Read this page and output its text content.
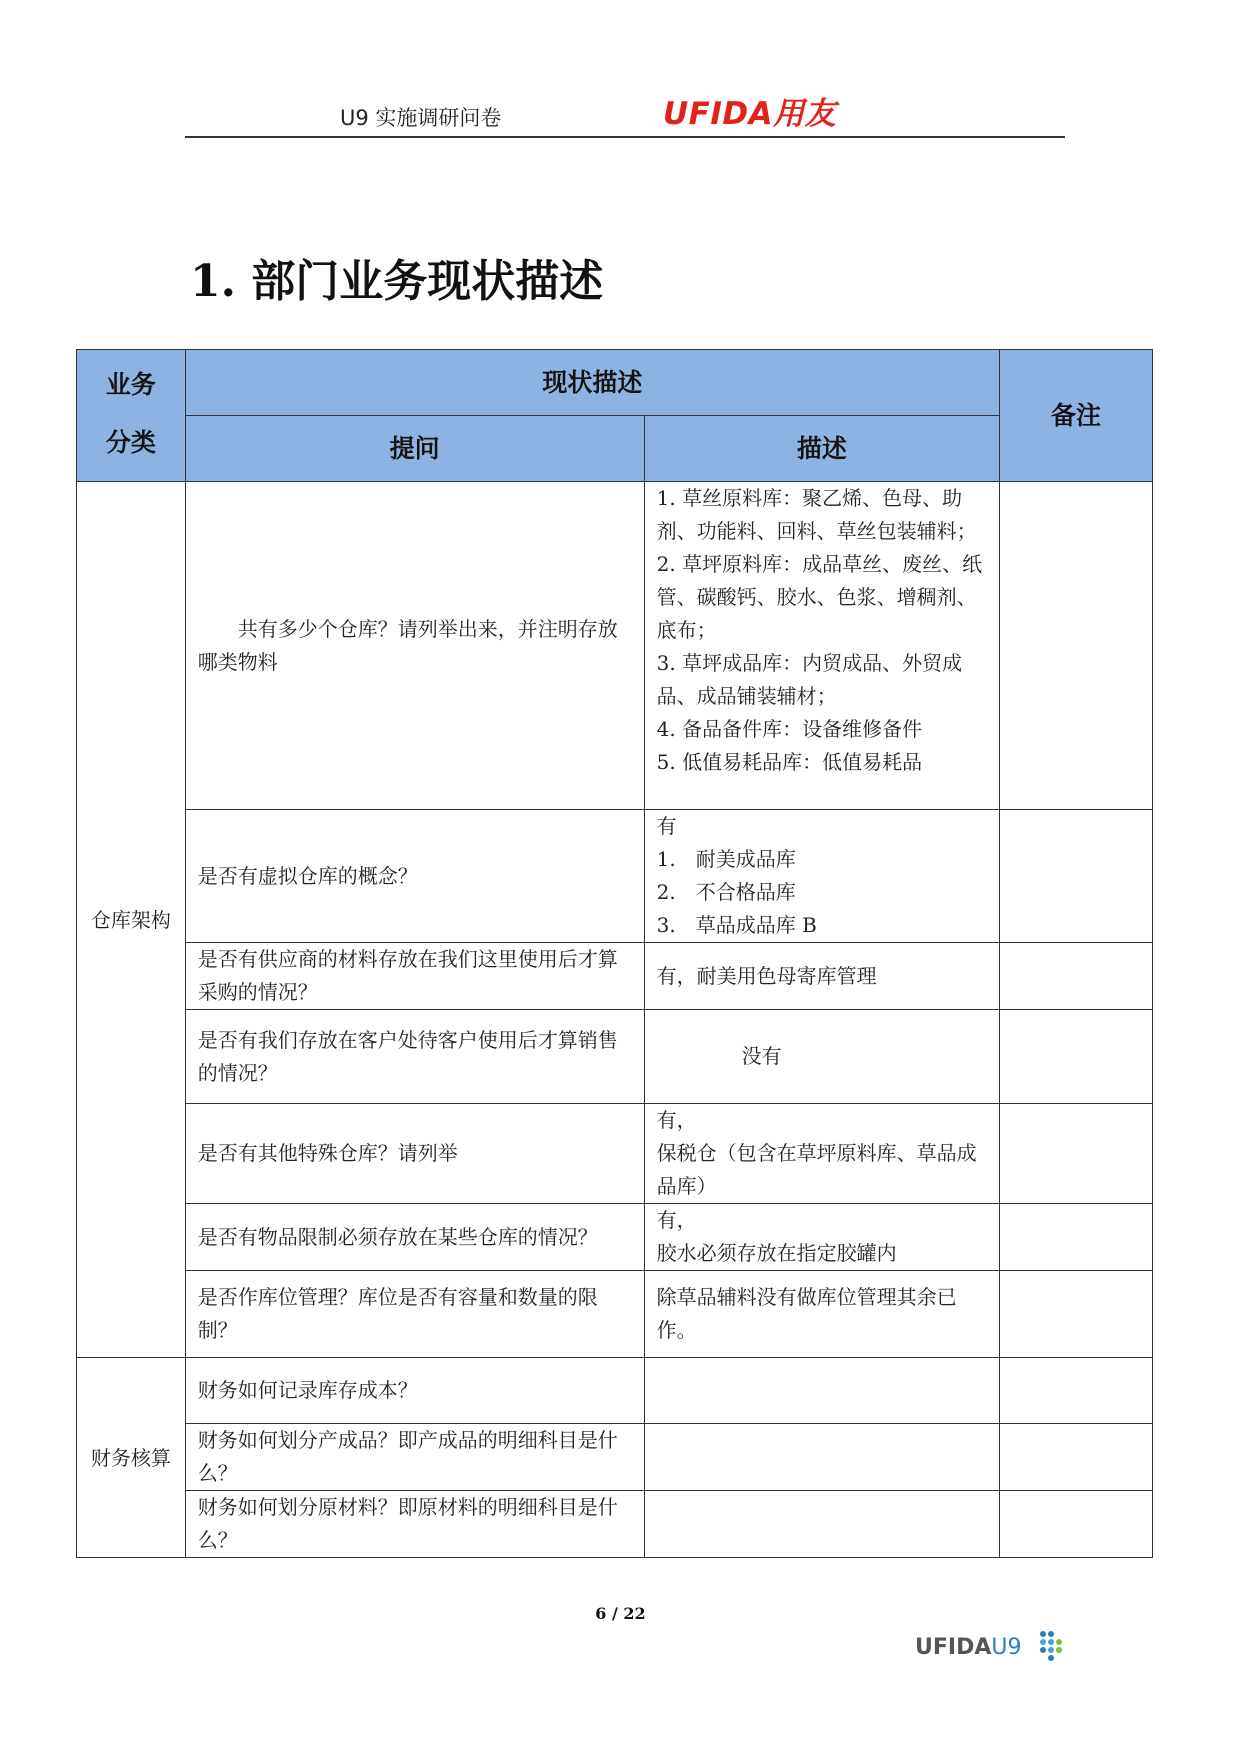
U9 实施调研问卷	UFIDA用友
1. 部门业务现状描述
业务分类	现状描述		备注
	提问	描述	
仓库架构	共有多少个仓库？请列举出来，并注明存放哪类物料	1. 草丝原料库：聚乙烯、色母、助剂、功能料、回料、草丝包装辅料；
2. 草坪原料库：成品草丝、废丝、纸管、碳酸钙、胶水、色浆、增稠剂、底布；
3. 草坪成品库：内贸成品、外贸成品、成品铺装辅材；
4. 备品备件库：设备维修备件
5. 低值易耗品库：低值易耗品	

	是否有虚拟仓库的概念？	有
1.　耐美成品库
2.　不合格品库
3.　草品成品库 B	

	是否有供应商的材料存放在我们这里使用后才算采购的情况？	有，耐美用色母寄库管理	

	是否有我们存放在客户处待客户使用后才算销售的情况？	没有	

	是否有其他特殊仓库？请列举	有，
保税仓（包含在草坪原料库、草品成品库）	

	是否有物品限制必须存放在某些仓库的情况？	有，
胶水必须存放在指定胶罐内	

	是否作库位管理？库位是否有容量和数量的限制？	除草品辅料没有做库位管理其余已作。	

财务核算	财务如何记录库存成本？		
	财务如何划分产成品？即产成品的明细科目是什么？		
	财务如何划分原材料？即原材料的明细科目是什么？		
6 / 22
UFIDAU9
